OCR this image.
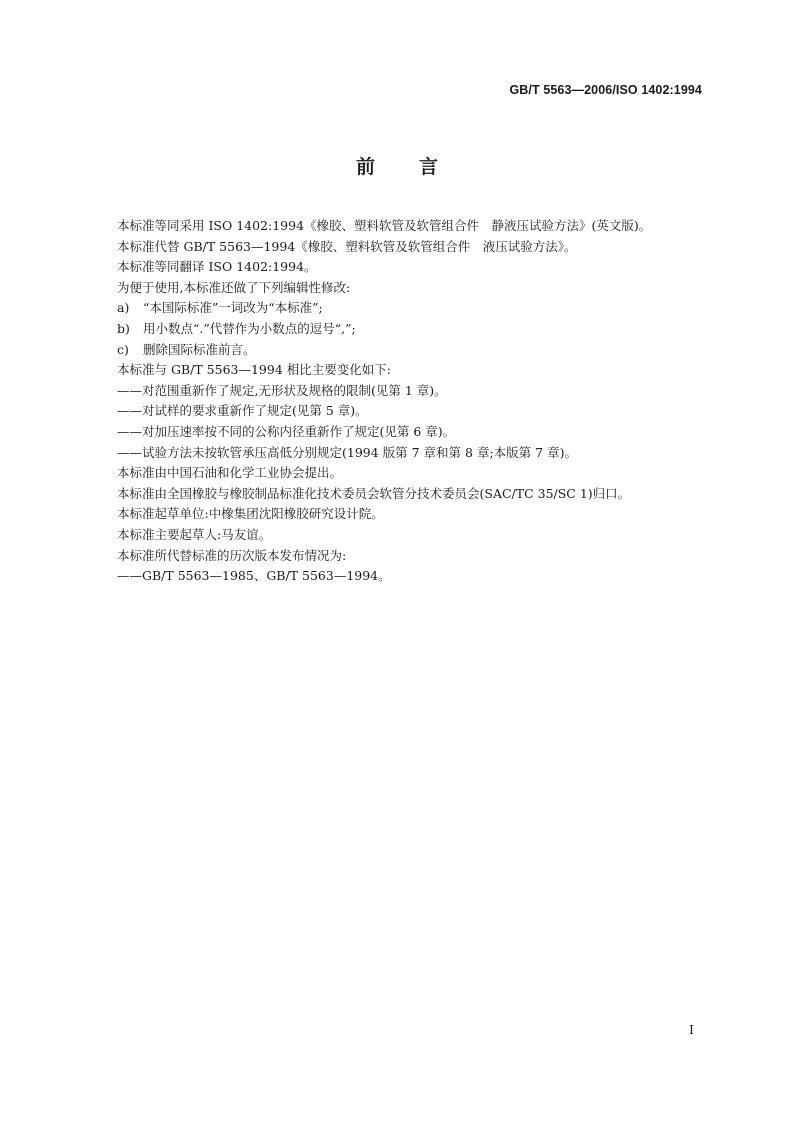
GB/T 5563—2006/ISO 1402:1994
前 言

本标准等同采用 ISO 1402:1994《橡胶、塑料软管及软管组合件　静液压试验方法》(英文版)。

本标准代替 GB/T 5563—1994《橡胶、塑料软管及软管组合件　液压试验方法》。

本标准等同翻译 ISO 1402:1994。

为便于使用,本标准还做了下列编辑性修改:

a) “本国际标准”一词改为“本标准”;

b) 用小数点“.”代替作为小数点的逗号“,”;

c) 删除国际标准前言。

本标准与 GB/T 5563—1994 相比主要变化如下:

——对范围重新作了规定,无形状及规格的限制(见第 1 章)。

——对试样的要求重新作了规定(见第 5 章)。

——对加压速率按不同的公称内径重新作了规定(见第 6 章)。

——试验方法未按软管承压高低分别规定(1994 版第 7 章和第 8 章;本版第 7 章)。

本标准由中国石油和化学工业协会提出。

本标准由全国橡胶与橡胶制品标准化技术委员会软管分技术委员会(SAC/TC 35/SC 1)归口。

本标准起草单位:中橡集团沈阳橡胶研究设计院。

本标准主要起草人:马友谊。

本标准所代替标准的历次版本发布情况为:

——GB/T 5563—1985、GB/T 5563—1994。

I
